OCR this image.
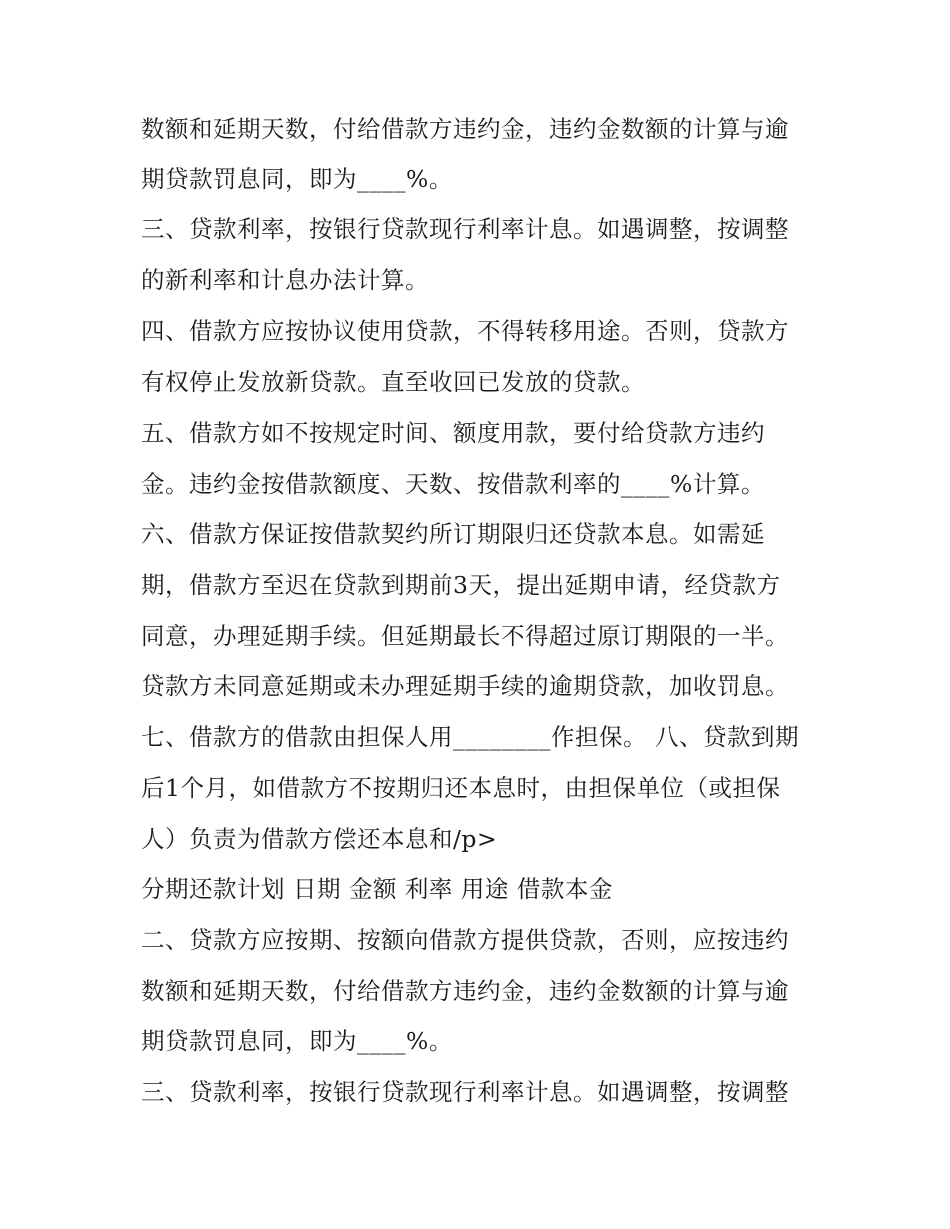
数额和延期天数，付给借款方违约金，违约金数额的计算与逾
期贷款罚息同，即为____%。
三、贷款利率，按银行贷款现行利率计息。如遇调整，按调整
的新利率和计息办法计算。
四、借款方应按协议使用贷款，不得转移用途。否则，贷款方
有权停止发放新贷款。直至收回已发放的贷款。
五、借款方如不按规定时间、额度用款，要付给贷款方违约
金。违约金按借款额度、天数、按借款利率的____%计算。
六、借款方保证按借款契约所订期限归还贷款本息。如需延
期，借款方至迟在贷款到期前3天，提出延期申请，经贷款方
同意，办理延期手续。但延期最长不得超过原订期限的一半。
贷款方未同意延期或未办理延期手续的逾期贷款，加收罚息。
七、借款方的借款由担保人用________作担保。 八、贷款到期
后1个月，如借款方不按期归还本息时，由担保单位（或担保
人）负责为借款方偿还本息和/p>
分期还款计划 日期 金额 利率 用途 借款本金
二、贷款方应按期、按额向借款方提供贷款，否则，应按违约
数额和延期天数，付给借款方违约金，违约金数额的计算与逾
期贷款罚息同，即为____%。
三、贷款利率，按银行贷款现行利率计息。如遇调整，按调整
